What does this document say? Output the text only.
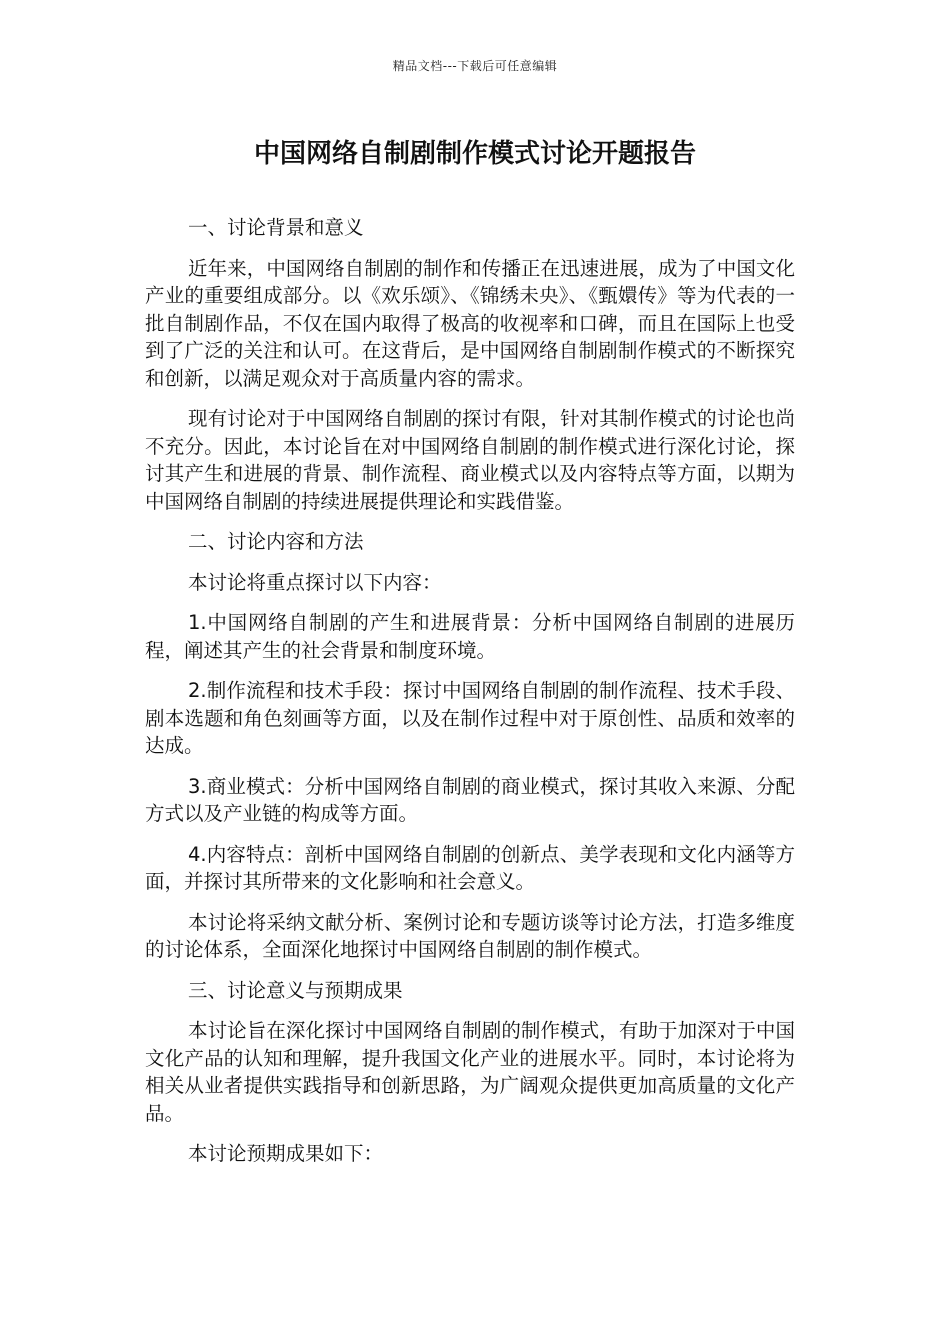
精品文档---下载后可任意编辑
中国网络自制剧制作模式讨论开题报告

一、讨论背景和意义

近年来，中国网络自制剧的制作和传播正在迅速进展，成为了中国文化产业的重要组成部分。以《欢乐颂》、《锦绣未央》、《甄嬛传》等为代表的一批自制剧作品，不仅在国内取得了极高的收视率和口碑，而且在国际上也受到了广泛的关注和认可。在这背后，是中国网络自制剧制作模式的不断探究和创新，以满足观众对于高质量内容的需求。

现有讨论对于中国网络自制剧的探讨有限，针对其制作模式的讨论也尚不充分。因此，本讨论旨在对中国网络自制剧的制作模式进行深化讨论，探讨其产生和进展的背景、制作流程、商业模式以及内容特点等方面，以期为中国网络自制剧的持续进展提供理论和实践借鉴。

二、讨论内容和方法

本讨论将重点探讨以下内容：

1.中国网络自制剧的产生和进展背景：分析中国网络自制剧的进展历程，阐述其产生的社会背景和制度环境。

2.制作流程和技术手段：探讨中国网络自制剧的制作流程、技术手段、剧本选题和角色刻画等方面，以及在制作过程中对于原创性、品质和效率的达成。

3.商业模式：分析中国网络自制剧的商业模式，探讨其收入来源、分配方式以及产业链的构成等方面。

4.内容特点：剖析中国网络自制剧的创新点、美学表现和文化内涵等方面，并探讨其所带来的文化影响和社会意义。

本讨论将采纳文献分析、案例讨论和专题访谈等讨论方法，打造多维度的讨论体系，全面深化地探讨中国网络自制剧的制作模式。

三、讨论意义与预期成果

本讨论旨在深化探讨中国网络自制剧的制作模式，有助于加深对于中国文化产品的认知和理解，提升我国文化产业的进展水平。同时，本讨论将为相关从业者提供实践指导和创新思路，为广阔观众提供更加高质量的文化产品。

本讨论预期成果如下：
